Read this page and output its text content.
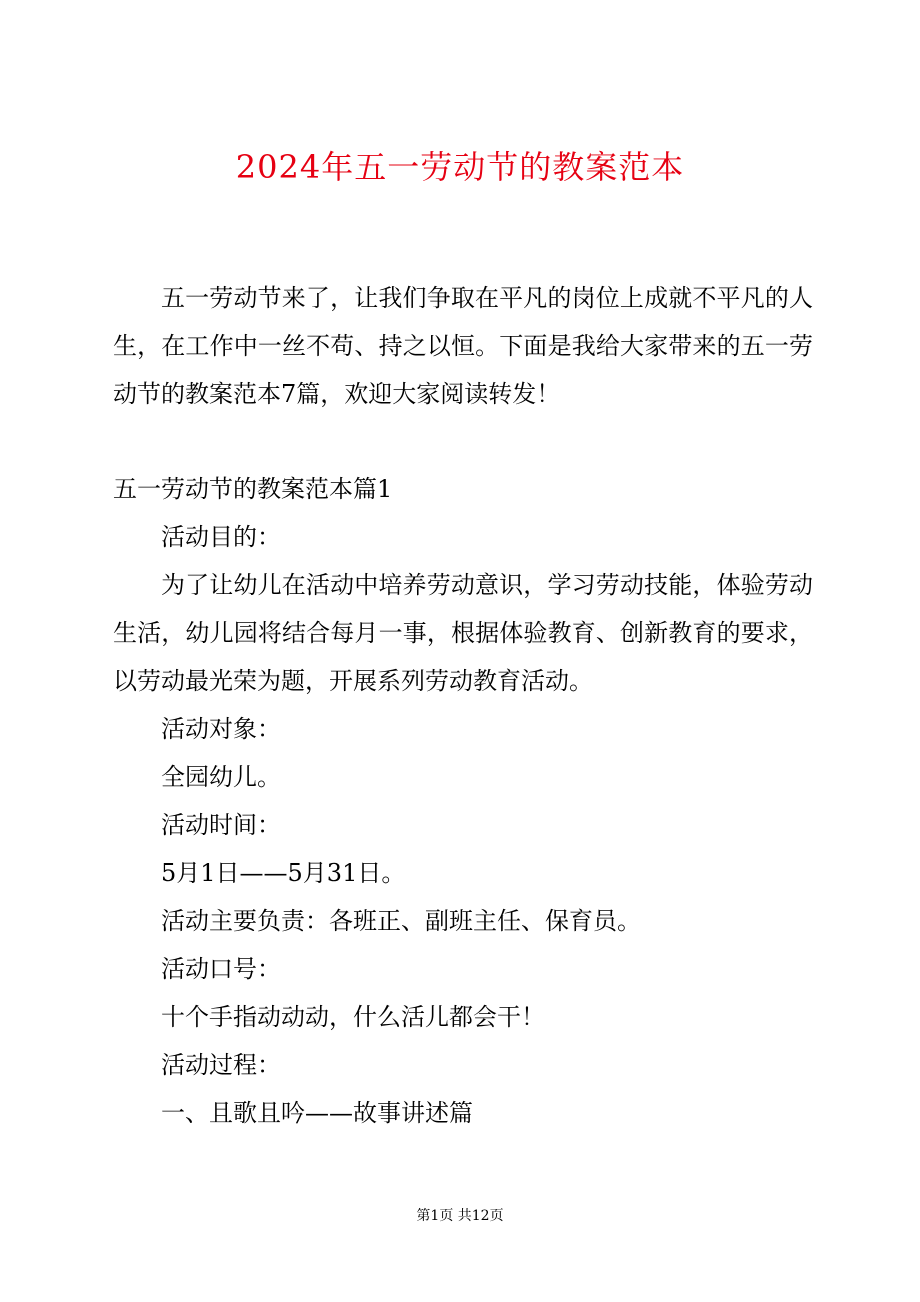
2024年五一劳动节的教案范本

五一劳动节来了，让我们争取在平凡的岗位上成就不平凡的人生，在工作中一丝不苟、持之以恒。下面是我给大家带来的五一劳动节的教案范本7篇，欢迎大家阅读转发！

五一劳动节的教案范本篇1

活动目的：

为了让幼儿在活动中培养劳动意识，学习劳动技能，体验劳动生活，幼儿园将结合每月一事，根据体验教育、创新教育的要求，以劳动最光荣为题，开展系列劳动教育活动。

活动对象：

全园幼儿。

活动时间：

5月1日——5月31日。

活动主要负责：各班正、副班主任、保育员。

活动口号：

十个手指动动动，什么活儿都会干！

活动过程：

一、且歌且吟——故事讲述篇

第1页 共12页
